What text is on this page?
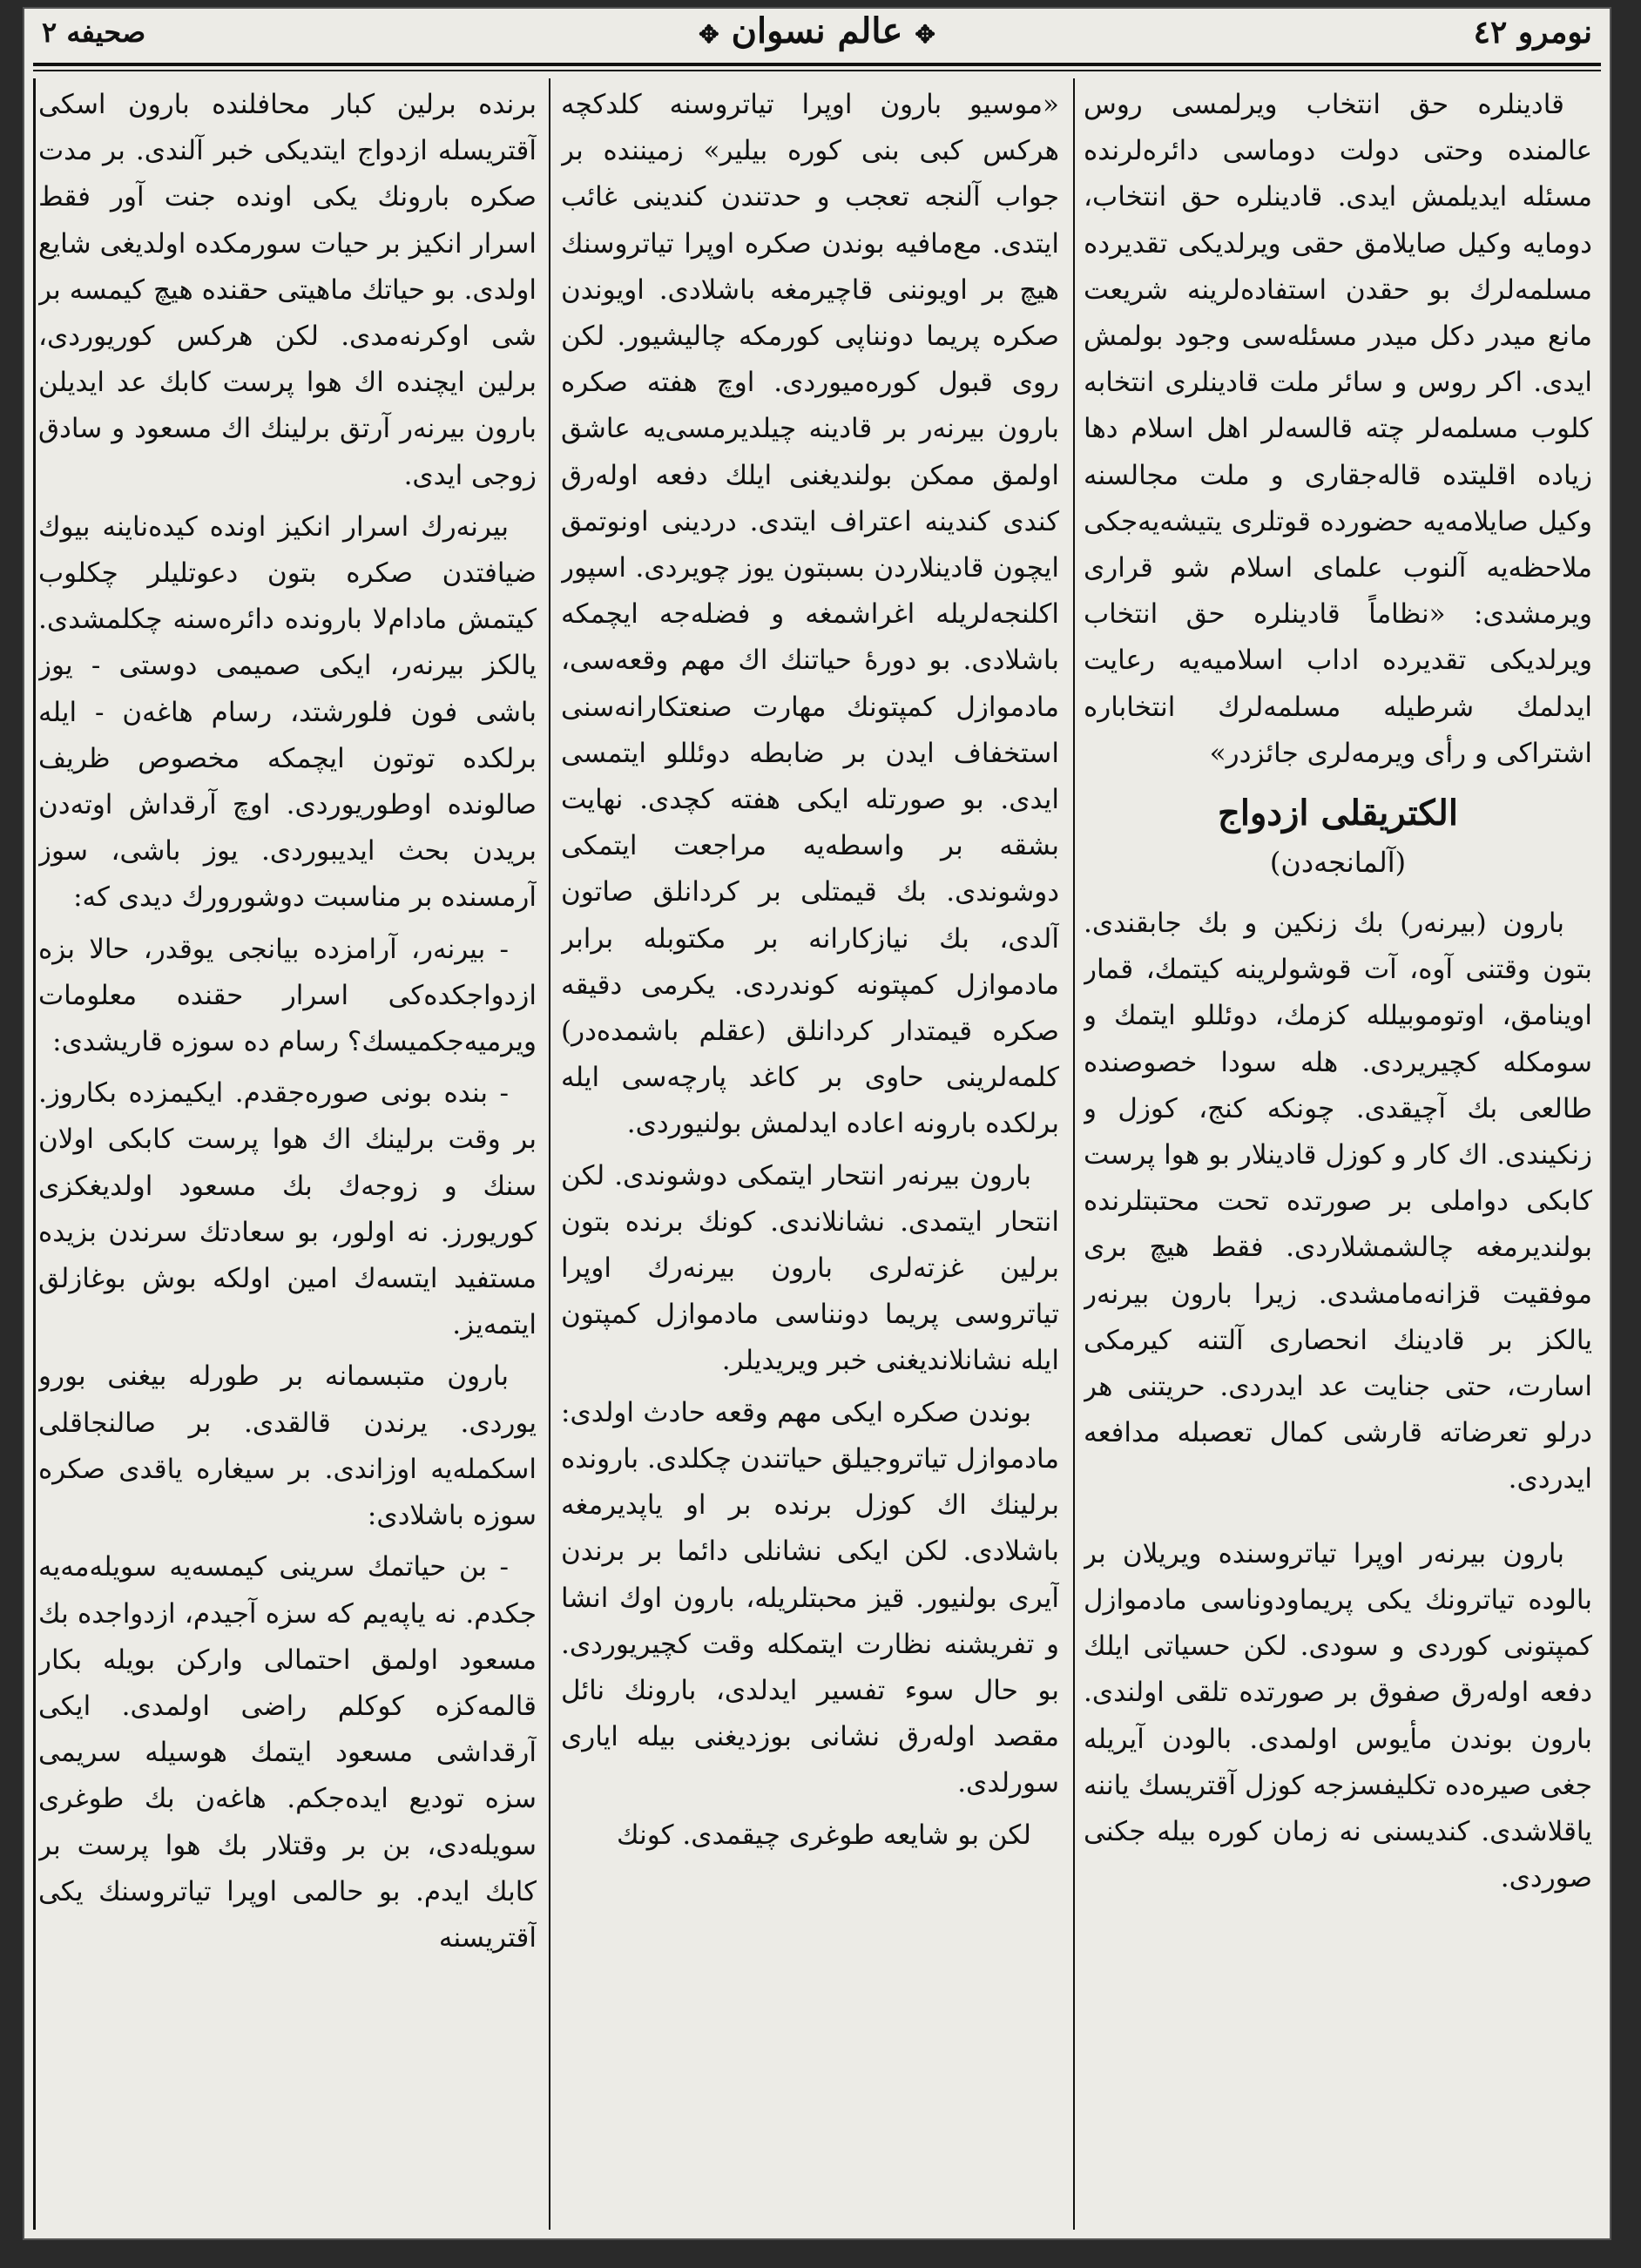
نومرو ٤٢
✥عالم نسوان✥
صحیفه ٢

قادینلره حق انتخاب ویرلمسی روس عالمنده وحتی دولت دوماسی دائره‌لرنده مسئله ایدیلمش ایدی. قادینلره حق انتخاب، دومایه وکیل صایلامق حقی ویرلدیکی تقدیرده مسلمه‌لرك بو حقدن استفاده‌لرینه شریعت مانع میدر دکل میدر مسئله‌سی وجود بولمش ایدی. اکر روس و سائر ملت قادینلری انتخابه کلوب مسلمه‌لر چته قالسه‌لر اهل اسلام دها زیاده اقلیتده قاله‌جقاری و ملت مجالسنه وکیل صایلامه‌یه حضورده قوتلری یتیشه‌یه‌جکی ملاحظه‌یه آلنوب علمای اسلام شو قراری ویرمشدی: «نظاماً قادینلره حق انتخاب ویرلدیکی تقدیرده اداب اسلامیه‌یه رعایت ایدلمك شرطیله مسلمه‌لرك انتخاباره اشتراکی و رأی ویرمه‌لری جائزدر»

الکتریقلی ازدواج
(آلمانجه‌دن)

بارون (بیرنه‌ر) بك زنکین و بك جابقندی. بتون وقتنی آوه، آت قوشولرینه کیتمك، قمار اوینامق، اوتوموبیلله کزمك، دوئللو ایتمك و سومکله کچیریردی. هله سودا خصوصنده طالعی بك آچیقدی. چونکه کنج، کوزل و زنکیندی. اك کار و کوزل قادینلار بو هوا پرست کابکی دواملی بر صورتده تحت محتبتلرنده بولندیرمغه چالشمشلاردی. فقط هیچ بری موفقیت قزانه‌مامشدی. زیرا بارون بیرنه‌ر یالکز بر قادینك انحصاری آلتنه کیرمکی اسارت، حتی جنایت عد ایدردی. حریتنی هر درلو تعرضاته قارشی کمال تعصبله مدافعه ایدردی.

بارون بیرنه‌ر اوپرا تیاتروسنده ویریلان بر بالوده تیاترونك یکی پریماودوناسی مادموازل کمپتونی کوردی و سودی. لکن حسیاتی ایلك دفعه اوله‌رق صفوق بر صورتده تلقی اولندی. بارون بوندن مأیوس اولمدی. بالودن آیریله جغی صیره‌ده تکلیفسزجه کوزل آقتریسك یاننه یاقلاشدی. کندیسنی نه زمان کوره بیله جکنی صوردی.

«موسیو بارون اوپرا تیاتروسنه کلدکچه هرکس کبی بنی کوره بیلیر» زمیننده بر جواب آلنجه تعجب و حدتندن کندینی غائب ایتدی. مع‌مافیه بوندن صکره اوپرا تیاتروسنك هیچ بر اویوننی قاچیرمغه باشلادی. اویوندن صکره پریما دونناپی کورمکه چالیشیور. لکن روی قبول کوره‌میوردی. اوچ هفته صکره بارون بیرنه‌ر بر قادینه چیلدیرمسی‌یه عاشق اولمق ممکن بولندیغنی ایلك دفعه اوله‌رق کندی کندینه اعتراف ایتدی. دردینی اونوتمق ایچون قادینلاردن بسبتون یوز چویردی. اسپور اکلنجه‌لریله اغراشمغه و فضله‌جه ایچمکه باشلادی. بو دورۀ حیاتنك اك مهم وقعه‌سی، مادموازل کمپتونك مهارت صنعتکارانه‌سنی استخفاف ایدن بر ضابطه دوئللو ایتمسی ایدی. بو صورتله ایکی هفته کچدی. نهایت بشقه بر واسطه‌یه مراجعت ایتمکی دوشوندی. بك قیمتلی بر کردانلق صاتون آلدی، بك نیازکارانه بر مکتوبله برابر مادموازل کمپتونه کوندردی. یکرمی دقیقه صکره قیمتدار کردانلق (عقلم باشمده‌در) کلمه‌لرینی حاوی بر کاغد پارچه‌سی ایله برلکده بارونه اعاده ایدلمش بولنیوردی.

بارون بیرنه‌ر انتحار ایتمکی دوشوندی. لکن انتحار ایتمدی. نشانلاندی. کونك برنده بتون برلین غزته‌لری بارون بیرنه‌رك اوپرا تیاتروسی پریما دونناسی مادموازل کمپتون ایله نشانلاندیغنی خبر ویریدیلر.

بوندن صکره ایکی مهم وقعه حادث اولدی: مادموازل تیاتروجیلق حیاتندن چکلدی. بارونده برلینك اك کوزل برنده بر او یاپدیرمغه باشلادی. لکن ایکی نشانلی دائما بر برندن آیری بولنیور. قیز محبتلریله، بارون اوك انشا و تفریشنه نظارت ایتمکله وقت کچیریوردی. بو حال سوء تفسیر ایدلدی، بارونك نائل مقصد اوله‌رق نشانی بوزدیغنی بیله ایاری سورلدی.

لکن بو شایعه طوغری چیقمدی. کونك

برنده برلین کبار محافلنده بارون اسکی آقتریسله ازدواج ایتدیکی خبر آلندی. بر مدت صکره بارونك یکی اونده جنت آور فقط اسرار انکیز بر حیات سورمکده اولدیغی شایع اولدی. بو حیاتك ماهیتی حقنده هیچ کیمسه بر شی اوکرنه‌مدی. لکن هرکس کوریوردی، برلین ایچنده اك هوا پرست کابك عد ایدیلن بارون بیرنه‌ر آرتق برلینك اك مسعود و سادق زوجی ایدی.

بیرنه‌رك اسرار انکیز اونده کیده‌ناینه بیوك ضیافتدن صکره بتون دعوتلیلر چکلوب کیتمش مادام‌لا بارونده دائره‌سنه چکلمشدی. یالکز بیرنه‌ر، ایکی صمیمی دوستی - یوز باشی فون فلورشتد، رسام هاغه‌ن - ایله برلکده توتون ایچمکه مخصوص ظریف صالونده اوطوریوردی. اوچ آرقداش اوته‌دن بریدن بحث ایدیبوردی. یوز باشی، سوز آرمسنده بر مناسبت دوشورورك دیدی که:

- بیرنه‌ر، آرامزده بیانجی یوقدر، حالا بزه ازدواجکده‌کی اسرار حقنده معلومات ویرمیه‌جکمیسك؟ رسام ده سوزه قاریشدی:

- بنده بونی صوره‌جقدم. ایکیمزده بکاروز. بر وقت برلینك اك هوا پرست کابکی اولان سنك و زوجه‌ك بك مسعود اولدیغکزی کوریورز. نه اولور، بو سعادتك سرندن بزیده مستفید ایتسه‌ك امین اولکه بوش بوغازلق ایتمه‌یز.

بارون متبسمانه بر طورله بیغنی بورو یوردی. یرندن قالقدی. بر صالنجاقلی اسکمله‌یه اوزاندی. بر سیغاره یاقدی صکره سوزه باشلادی:

- بن حیاتمك سرینی کیمسه‌یه سویله‌مه‌یه جکدم. نه یاپه‌یم که سزه آجیدم، ازدواجده بك مسعود اولمق احتمالی وارکن بویله بکار قالمه‌کزه کوکلم راضی اولمدی. ایکی آرقداشی مسعود ایتمك هوسیله سریمی سزه تودیع ایده‌جکم. هاغه‌ن بك طوغری سویله‌دی، بن بر وقتلار بك هوا پرست بر کابك ایدم. بو حالمی اوپرا تیاتروسنك یکی آقتریسنه
